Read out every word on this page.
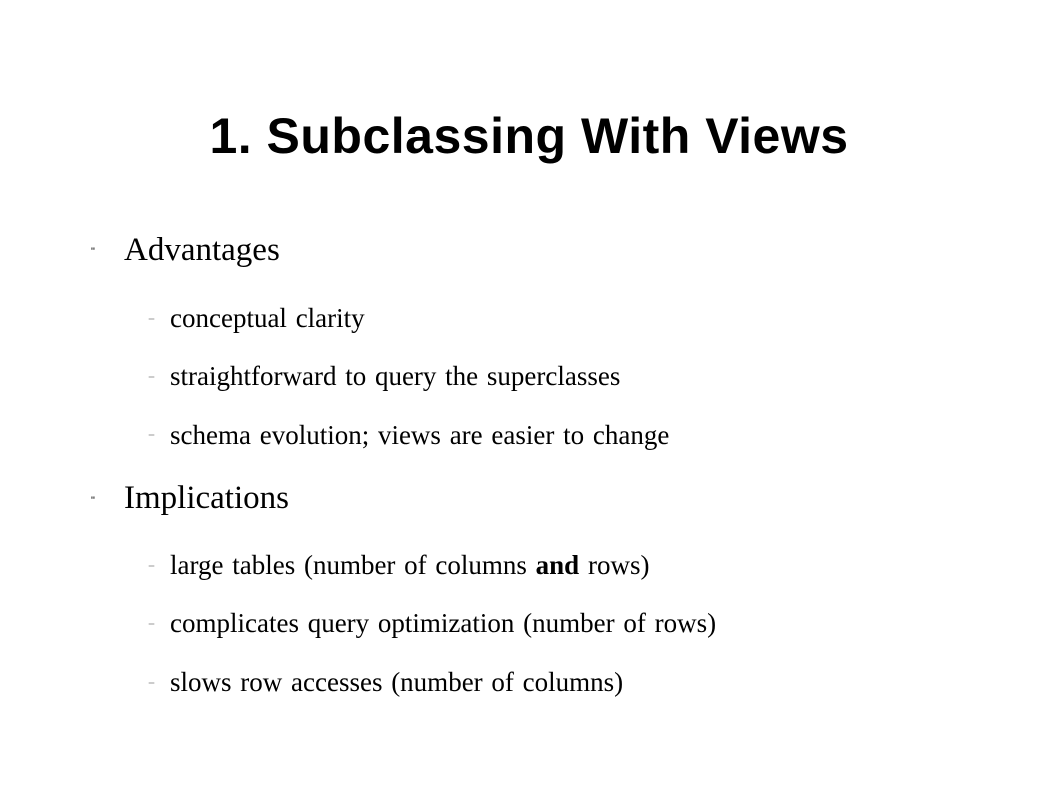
1. Subclassing With Views
" Advantages
– conceptual clarity
– straightforward to query the superclasses
– schema evolution; views are easier to change
" Implications
– large tables (number of columns and rows)
– complicates query optimization (number of rows)
– slows row accesses (number of columns)
